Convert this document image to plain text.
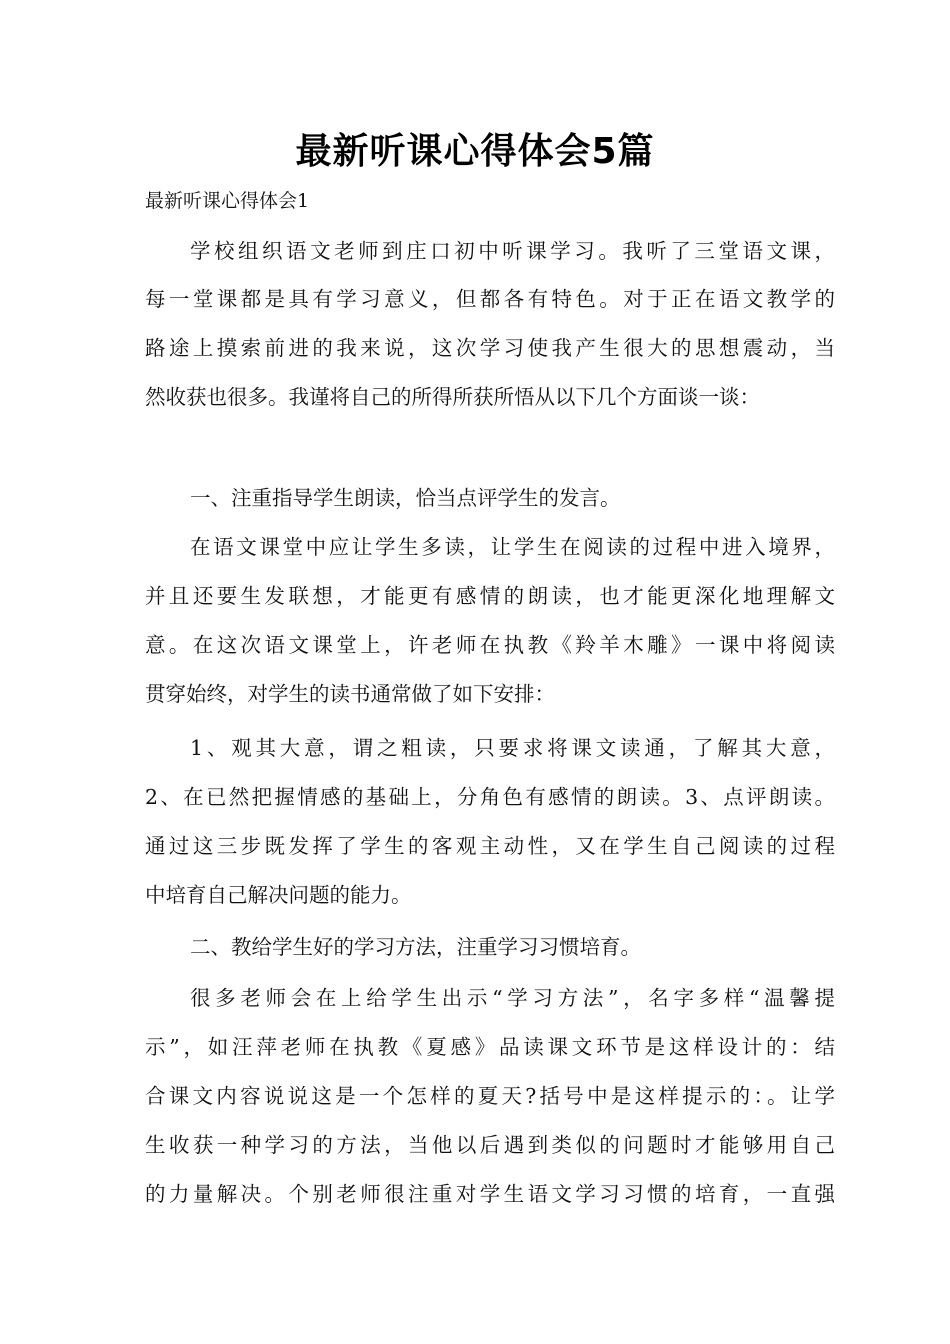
最新听课心得体会5篇

最新听课心得体会1

学校组织语文老师到庄口初中听课学习。我听了三堂语文课，

每一堂课都是具有学习意义，但都各有特色。对于正在语文教学的

路途上摸索前进的我来说，这次学习使我产生很大的思想震动，当

然收获也很多。我谨将自己的所得所获所悟从以下几个方面谈一谈：

一、注重指导学生朗读，恰当点评学生的发言。

在语文课堂中应让学生多读，让学生在阅读的过程中进入境界，

并且还要生发联想，才能更有感情的朗读，也才能更深化地理解文

意。在这次语文课堂上，许老师在执教《羚羊木雕》一课中将阅读

贯穿始终，对学生的读书通常做了如下安排：

1、观其大意，谓之粗读，只要求将课文读通，了解其大意，

2、在已然把握情感的基础上，分角色有感情的朗读。3、点评朗读。

通过这三步既发挥了学生的客观主动性，又在学生自己阅读的过程

中培育自己解决问题的能力。

二、教给学生好的学习方法，注重学习习惯培育。

很多老师会在上给学生出示“学习方法”，名字多样“温馨提

示”，如汪萍老师在执教《夏感》品读课文环节是这样设计的：结

合课文内容说说这是一个怎样的夏天?括号中是这样提示的：。让学

生收获一种学习的方法，当他以后遇到类似的问题时才能够用自己

的力量解决。个别老师很注重对学生语文学习习惯的培育，一直强
